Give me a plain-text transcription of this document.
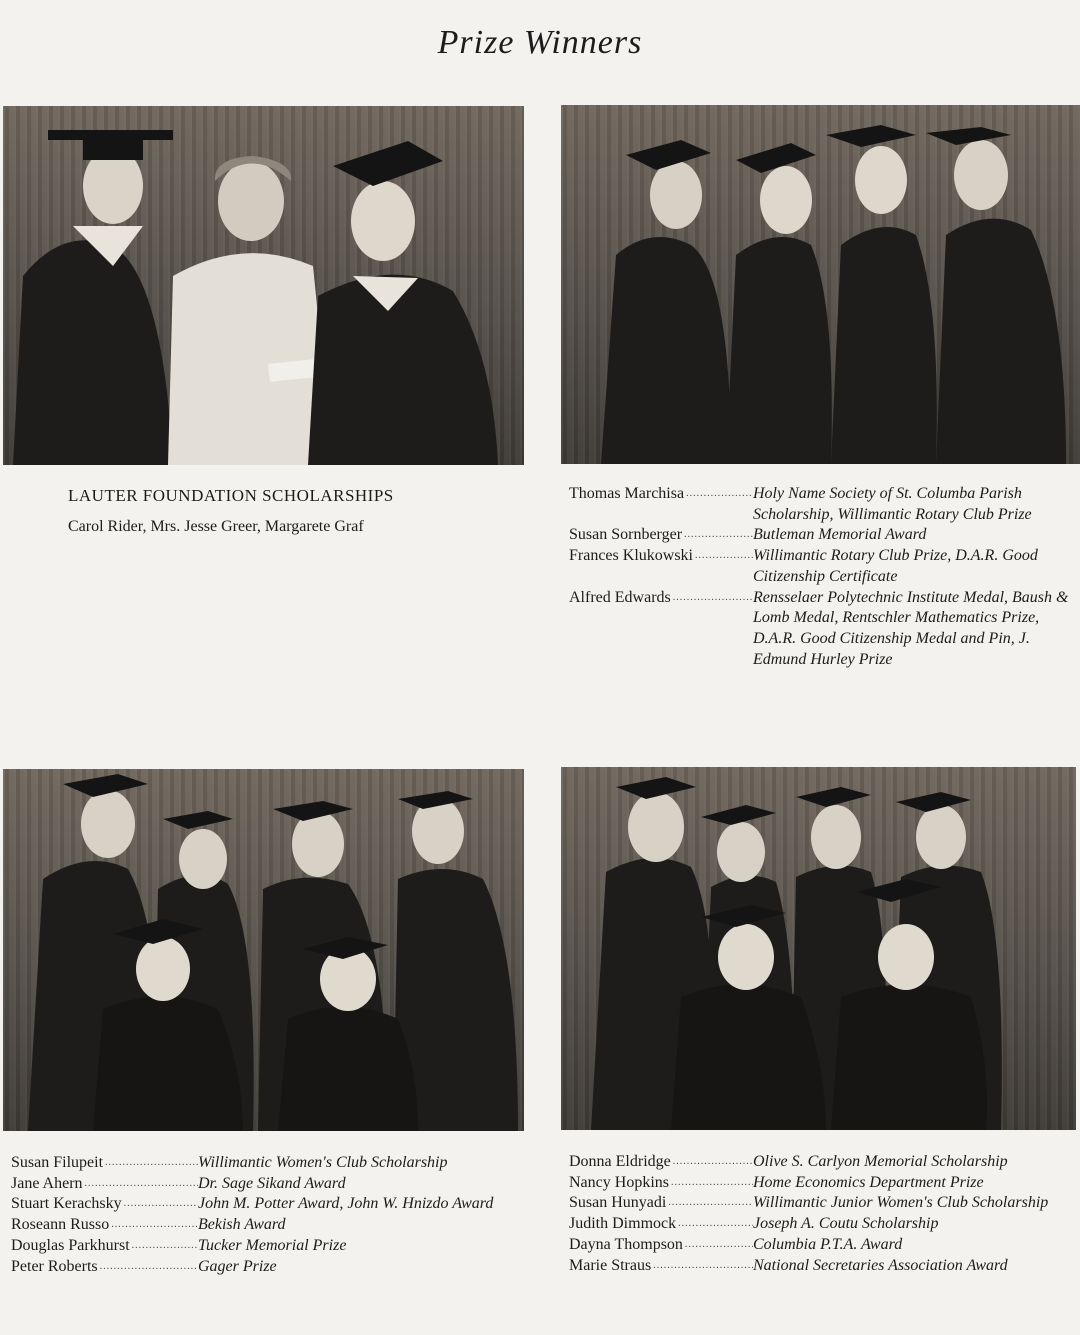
Prize Winners
LAUTER FOUNDATION SCHOLARSHIPS
Carol Rider, Mrs. Jesse Greer, Margarete Graf
Thomas Marchisa .....	Holy Name Society of St. Columba Parish Scholarship, Willimantic Rotary Club Prize
Susan Sornberger .....	Butleman Memorial Award
Frances Klukowski .....	Willimantic Rotary Club Prize, D.A.R. Good Citizenship Certificate
Alfred Edwards .....	Rensselaer Polytechnic Institute Medal, Baush & Lomb Medal, Rentschler Mathematics Prize, D.A.R. Good Citizenship Medal and Pin, J. Edmund Hurley Prize
Susan Filupeit .....	Willimantic Women's Club Scholarship
Jane Ahern .....	Dr. Sage Sikand Award
Stuart Kerachsky .....	John M. Potter Award, John W. Hnizdo Award
Roseann Russo .....	Bekish Award
Douglas Parkhurst .....	Tucker Memorial Prize
Peter Roberts .....	Gager Prize
Donna Eldridge .....	Olive S. Carlyon Memorial Scholarship
Nancy Hopkins .....	Home Economics Department Prize
Susan Hunyadi .....	Willimantic Junior Women's Club Scholarship
Judith Dimmock .....	Joseph A. Coutu Scholarship
Dayna Thompson .....	Columbia P.T.A. Award
Marie Straus .....	National Secretaries Association Award
